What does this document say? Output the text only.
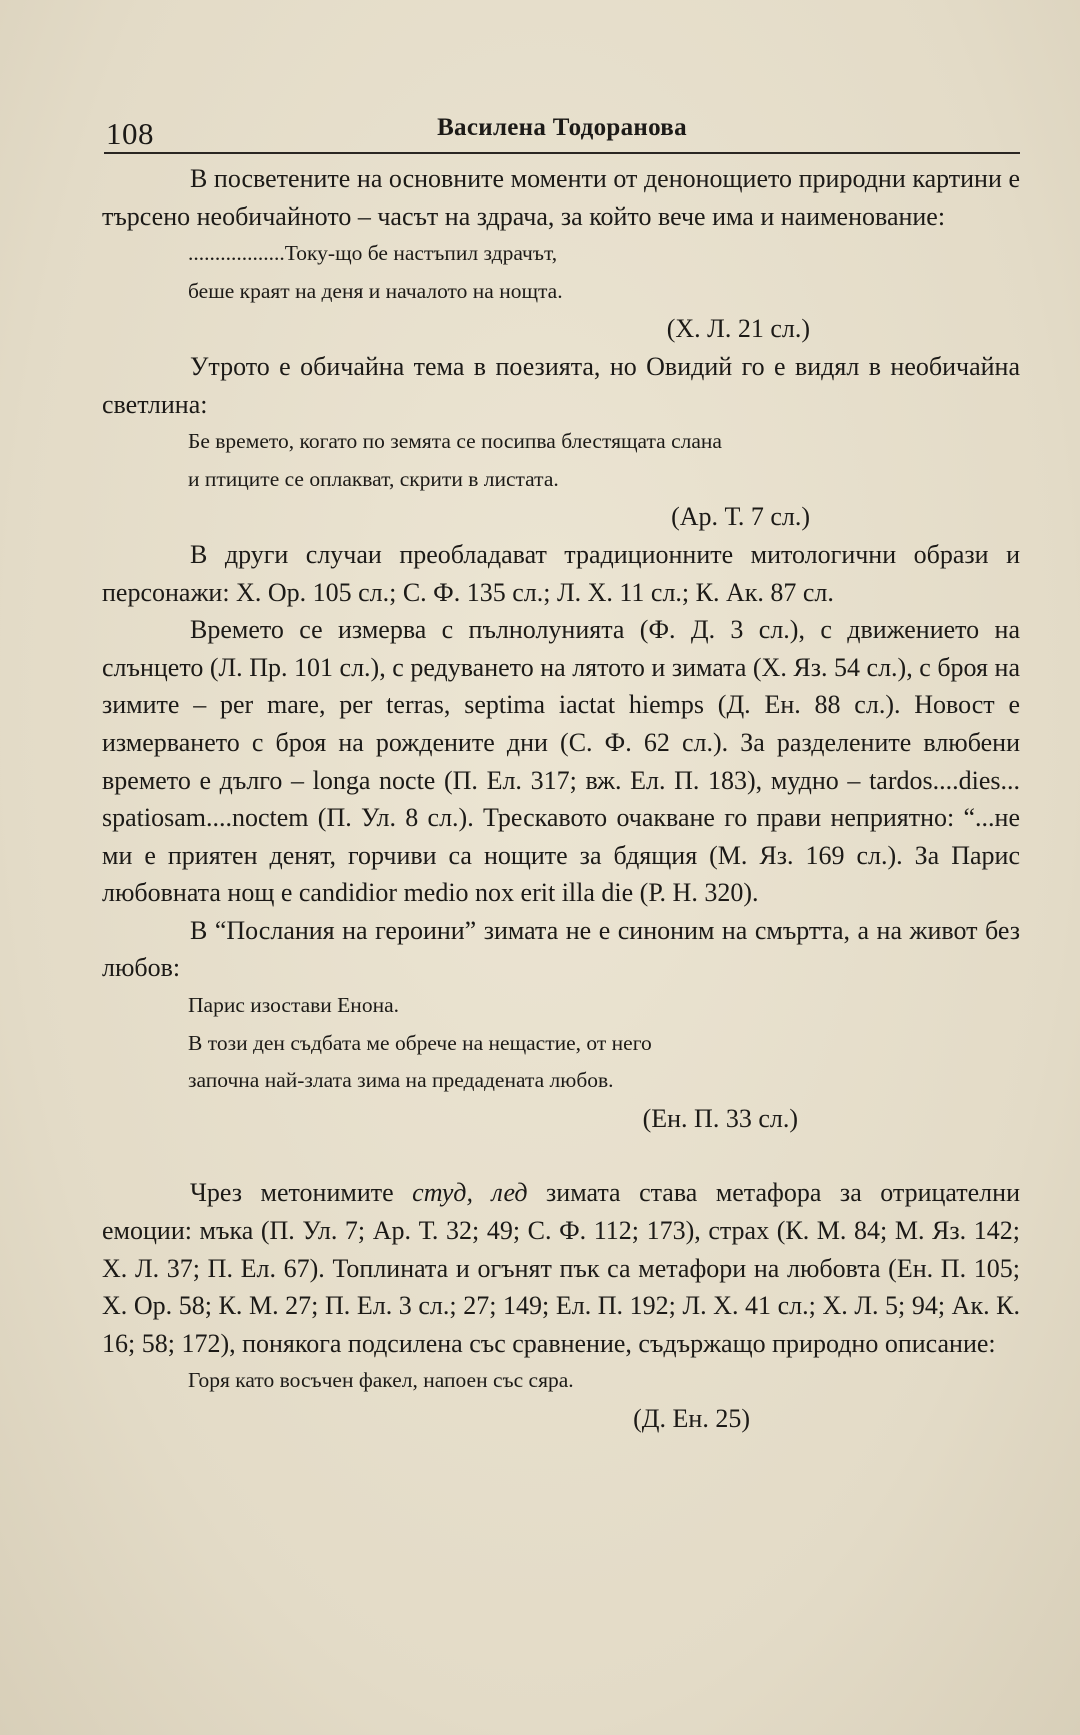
108	Василена Тодоранова

В посветените на основните моменти от денонощието природни картини е търсено необичайното – часът на здрача, за който вече има и наименование:

..................Току-що бе настъпил здрачът,
беше краят на деня и началото на нощта.
(Х. Л. 21 сл.)

Утрото е обичайна тема в поезията, но Овидий го е видял в необичайна светлина:

Бе времето, когато по земята се посипва блестящата слана
и птиците се оплакват, скрити в листата.
(Ар. Т. 7 сл.)

В други случаи преобладават традиционните митологични образи и персонажи: Х. Ор. 105 сл.; С. Ф. 135 сл.; Л. Х. 11 сл.; К. Ак. 87 сл.

Времето се измерва с пълнолунията (Ф. Д. 3 сл.), с движението на слънцето (Л. Пр. 101 сл.), с редуването на лятото и зимата (Х. Яз. 54 сл.), с броя на зимите – per mare, per terras, septima iactat hiemps (Д. Ен. 88 сл.). Новост е измерването с броя на рождените дни (С. Ф. 62 сл.). За разделените влюбени времето е дълго – longa nocte (П. Ел. 317; вж. Ел. П. 183), мудно – tardos....dies... spatiosam....noctem (П. Ул. 8 сл.). Трескавото очакване го прави неприятно: “...не ми е приятен денят, горчиви са нощите за бдящия (М. Яз. 169 сл.). За Парис любовната нощ е candidior medio nox erit illa die (Р. Н. 320).

В “Послания на героини” зимата не е синоним на смъртта, а на живот без любов:

Парис изостави Енона.
В този ден съдбата ме обрече на нещастие, от него
започна най-злата зима на предадената любов.
(Ен. П. 33 сл.)

Чрез метонимите студ, лед зимата става метафора за отрицателни емоции: мъка (П. Ул. 7; Ар. Т. 32; 49; С. Ф. 112; 173), страх (К. М. 84; М. Яз. 142; Х. Л. 37; П. Ел. 67). Топлината и огънят пък са метафори на любовта (Ен. П. 105; Х. Ор. 58; К. М. 27; П. Ел. 3 сл.; 27; 149; Ел. П. 192; Л. Х. 41 сл.; Х. Л. 5; 94; Ак. К. 16; 58; 172), понякога подсилена със сравнение, съдържащо природно описание:

Горя като восъчен факел, напоен със сяра.
(Д. Ен. 25)
